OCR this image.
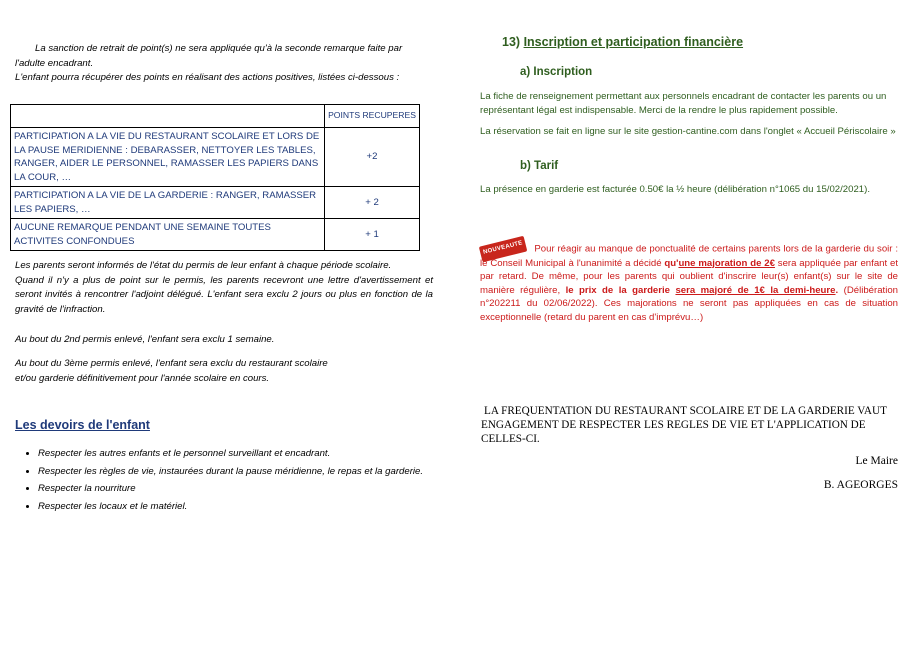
La sanction de retrait de point(s) ne sera appliquée qu'à la seconde remarque faite par l'adulte encadrant.
L'enfant pourra récupérer des points en réalisant des actions positives, listées ci-dessous :
	POINTS RECUPERES
PARTICIPATION A LA VIE DU RESTAURANT SCOLAIRE ET LORS DE LA PAUSE MERIDIENNE : DEBARASSER, NETTOYER LES TABLES, RANGER, AIDER LE PERSONNEL, RAMASSER LES PAPIERS DANS LA COUR, …	+2
PARTICIPATION A LA VIE DE LA GARDERIE : RANGER, RAMASSER LES PAPIERS, …	+ 2
AUCUNE REMARQUE PENDANT UNE SEMAINE TOUTES ACTIVITES CONFONDUES	+ 1
Les parents seront informés de l'état du permis de leur enfant à chaque période scolaire.
Quand il n'y a plus de point sur le permis, les parents recevront une lettre d'avertissement et seront invités à rencontrer l'adjoint délégué. L'enfant sera exclu 2 jours ou plus en fonction de la gravité de l'infraction.
Au bout du 2nd permis enlevé, l'enfant sera exclu 1 semaine.
Au bout du 3ème permis enlevé, l'enfant sera exclu du restaurant scolaire
et/ou garderie définitivement pour l'année scolaire en cours.
Les devoirs de l'enfant
• Respecter les autres enfants et le personnel surveillant et encadrant.
• Respecter les règles de vie, instaurées durant la pause méridienne, le repas et la garderie.
• Respecter la nourriture
• Respecter les locaux et le matériel.
13) Inscription et participation financière
a) Inscription
La fiche de renseignement permettant aux personnels encadrant de contacter les parents ou un représentant légal est indispensable. Merci de la rendre le plus rapidement possible.
La réservation se fait en ligne sur le site gestion-cantine.com dans l'onglet « Accueil Périscolaire »
b) Tarif
La présence en garderie est facturée 0.50€ la ½ heure (délibération n°1065 du 15/02/2021).
NOUVEAUTE Pour réagir au manque de ponctualité de certains parents lors de la garderie du soir : le Conseil Municipal à l'unanimité a décidé qu'une majoration de 2€ sera appliquée par enfant et par retard. De même, pour les parents qui oublient d'inscrire leur(s) enfant(s) sur le site de manière régulière, le prix de la garderie sera majoré de 1€ la demi-heure. (Délibération n°202211 du 02/06/2022). Ces majorations ne seront pas appliquées en cas de situation exceptionnelle (retard du parent en cas d'imprévu…)
LA FREQUENTATION DU RESTAURANT SCOLAIRE ET DE LA GARDERIE VAUT ENGAGEMENT DE RESPECTER LES REGLES DE VIE ET L'APPLICATION DE CELLES-CI.
Le Maire
B. AGEORGES
